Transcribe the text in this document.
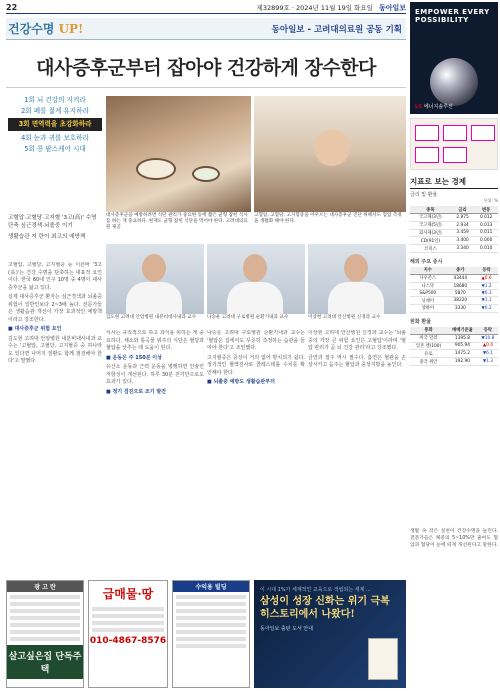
22	제32899호 · 2024년 11월 19일 화요일 동아일보
건강수명 UP!	동아일보 - 고려대의료원 공동 기획
대사증후군부터 잡아야 건강하게 장수한다
1회 뇌 건강의 지켜라
2회 폐를 젊게 유지하라
3회 면역력을 초강화하라
4회 눈과 귀를 보호하라
5회 콩 팥스케어 시대
대사증후군을 예방하려면 식단 관리가 중요한 동에 짧은 균형 잡힌 식사를 하는 게 중요하다. 현재도 균형 잡힌 식단을 먹어야 한다. 고려대의료원 제공
고혈압, 고혈당, 고지혈증을 아우르는 대사증후군 진단 위해서도 혈압 측정을 생활화 해야 한다.

고혈압·고혈당·고지혈 '3고(高)' 수명 단축 심근경색·뇌졸중 이기

생활습관 저 란이 최고의 예방책

김도현 고려대 안암병원 내분비대사내과 교수	나승운 고려대 구로병원 순환기내과 교수	이상현 고려대 안산병원 신경과 교수

고혈압, 고혈당, 고지혈증 등 이른바 '3고(高)'는 건강 수명을 단축하는 대표적 요인이다. 한국 60대 인구 10명 중 4명이 대사증후군을 앓고 있다.

실제 대사증후군 환자는 심근경색과 뇌졸중 위험이 일반인보다 2~3배 높다. 전문가들은 생활습관 개선이 가장 효과적인 예방책이라고 강조한다.

■ 대사증후군 위험 요인

김도현 고려대 안암병원 내분비대사내과 교수는 '고혈압, 고혈당, 고지혈증 중 하나라도 있다면 나머지 질환도 함께 점검해야 한다'고 말했다.

식사는 규칙적으로 하고 과식을 피하는 게 중요하다. 채소와 통곡물 위주의 식단은 혈당과 혈압을 낮추는 데 도움이 된다.

■ 운동은 주 150분 이상

유산소 운동과 근력 운동을 병행하면 인슐린 저항성이 개선된다. 하루 30분 걷기만으로도 효과가 있다.

■ 정기 검진으로 조기 발견

나승운 고려대 구로병원 순환기내과 교수는 '혈압은 집에서도 꾸준히 측정하는 습관을 들여야 한다'고 조언했다.

고지혈증은 증상이 거의 없어 방치되기 쉽다. 정기적인 혈액검사로 콜레스테롤 수치를 확인해야 한다.

■ 뇌졸중 예방도 생활습관부터

이상현 고려대 안산병원 신경과 교수는 '뇌졸중의 가장 큰 위험 요인은 고혈압'이라며 '혈압 관리가 곧 뇌 건강 관리'라고 강조했다.

금연과 절주 역시 필수다. 흡연은 혈관을 손상시키고 음주는 혈압과 중성지방을 높인다.

광 고 란
살고싶은집 단독주택
급매물·땅
010-4867-8576
수익용 빌딩	이 시대 1%가 세계적인 교육으로 적립되는 세계 ...
삼성이 성장 신화는 위기 극복 히스토리에서 나왔다!
동아일보 출판 도서 안내
EMPOWER EVERY POSSIBILITY
LG 에너지솔루션
지표로 보는 경제
금리 및 환율
단위: %
종목	금리	변동
국고채(3년)	2.875	0.012
국고채(5년)	2.934	0.013
회사채(3년)	3.459	0.011
CD(91일)	3.400	0.000
코픽스	3.340	0.010
해외 주요 증시
지수	종가	등락
다우존스	43444	▲0.6
나스닥	18680	▼1.2
S&P500	5870	▼0.3
닛케이	38220	▼1.1
상하이	3330	▼0.2
원화 환율
통화	매매기준율	등락
미국 달러	1395.8	▼10.8
일본 엔(100)	905.94	▲0.4
유로	1475.2	▼6.1
중국 위안	192.90	▼1.3
생활 속 작은 실천이 건강수명을 늘린다. 전문가들은 체중의 5~10%만 줄여도 혈압과 혈당이 눈에 띄게 개선된다고 말한다.
